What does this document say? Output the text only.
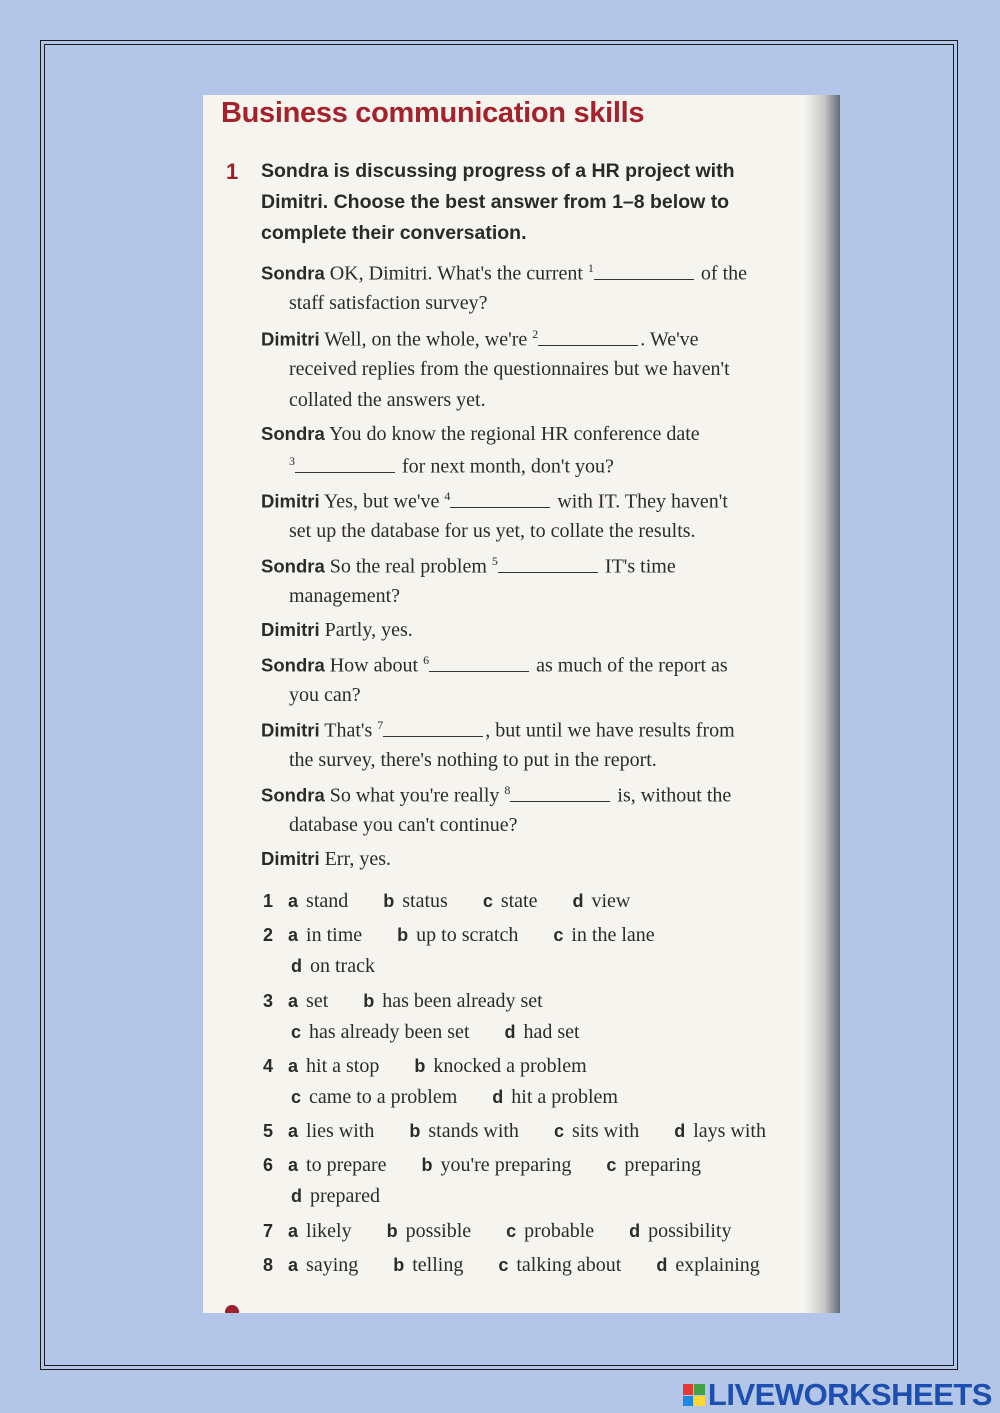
Business communication skills
1 Sondra is discussing progress of a HR project with
Dimitri. Choose the best answer from 1–8 below to
complete their conversation.
Sondra OK, Dimitri. What's the current $^1$	of the
staff satisfaction survey?
Dimitri Well, on the whole, we're $^2$	. We've
received replies from the questionnaires but we haven't
collated the answers yet.
Sondra You do know the regional HR conference date
$^3$	for next month, don't you?
Dimitri Yes, but we've $^4$	with IT. They haven't
set up the database for us yet, to collate the results.
Sondra So the real problem $^5$	IT's time
management?
Dimitri Partly, yes.
Sondra How about $^6$	as much of the report as
you can?
Dimitri That's $^7$	, but until we have results from
the survey, there's nothing to put in the report.
Sondra So what you're really $^8$	is, without the
database you can't continue?
Dimitri Err, yes.
1 a stand b status c state d view
2 a in time b up to scratch c in the lane
d on track
3 a set b has been already set
c has already been set d had set
4 a hit a stop b knocked a problem
c came to a problem d hit a problem
5 a lies with b stands with c sits with d lays with
6 a to prepare b you're preparing c preparing
d prepared
7 a likely b possible c probable d possibility
8 a saying b telling c talking about d explaining
LIVEWORKSHEETS
